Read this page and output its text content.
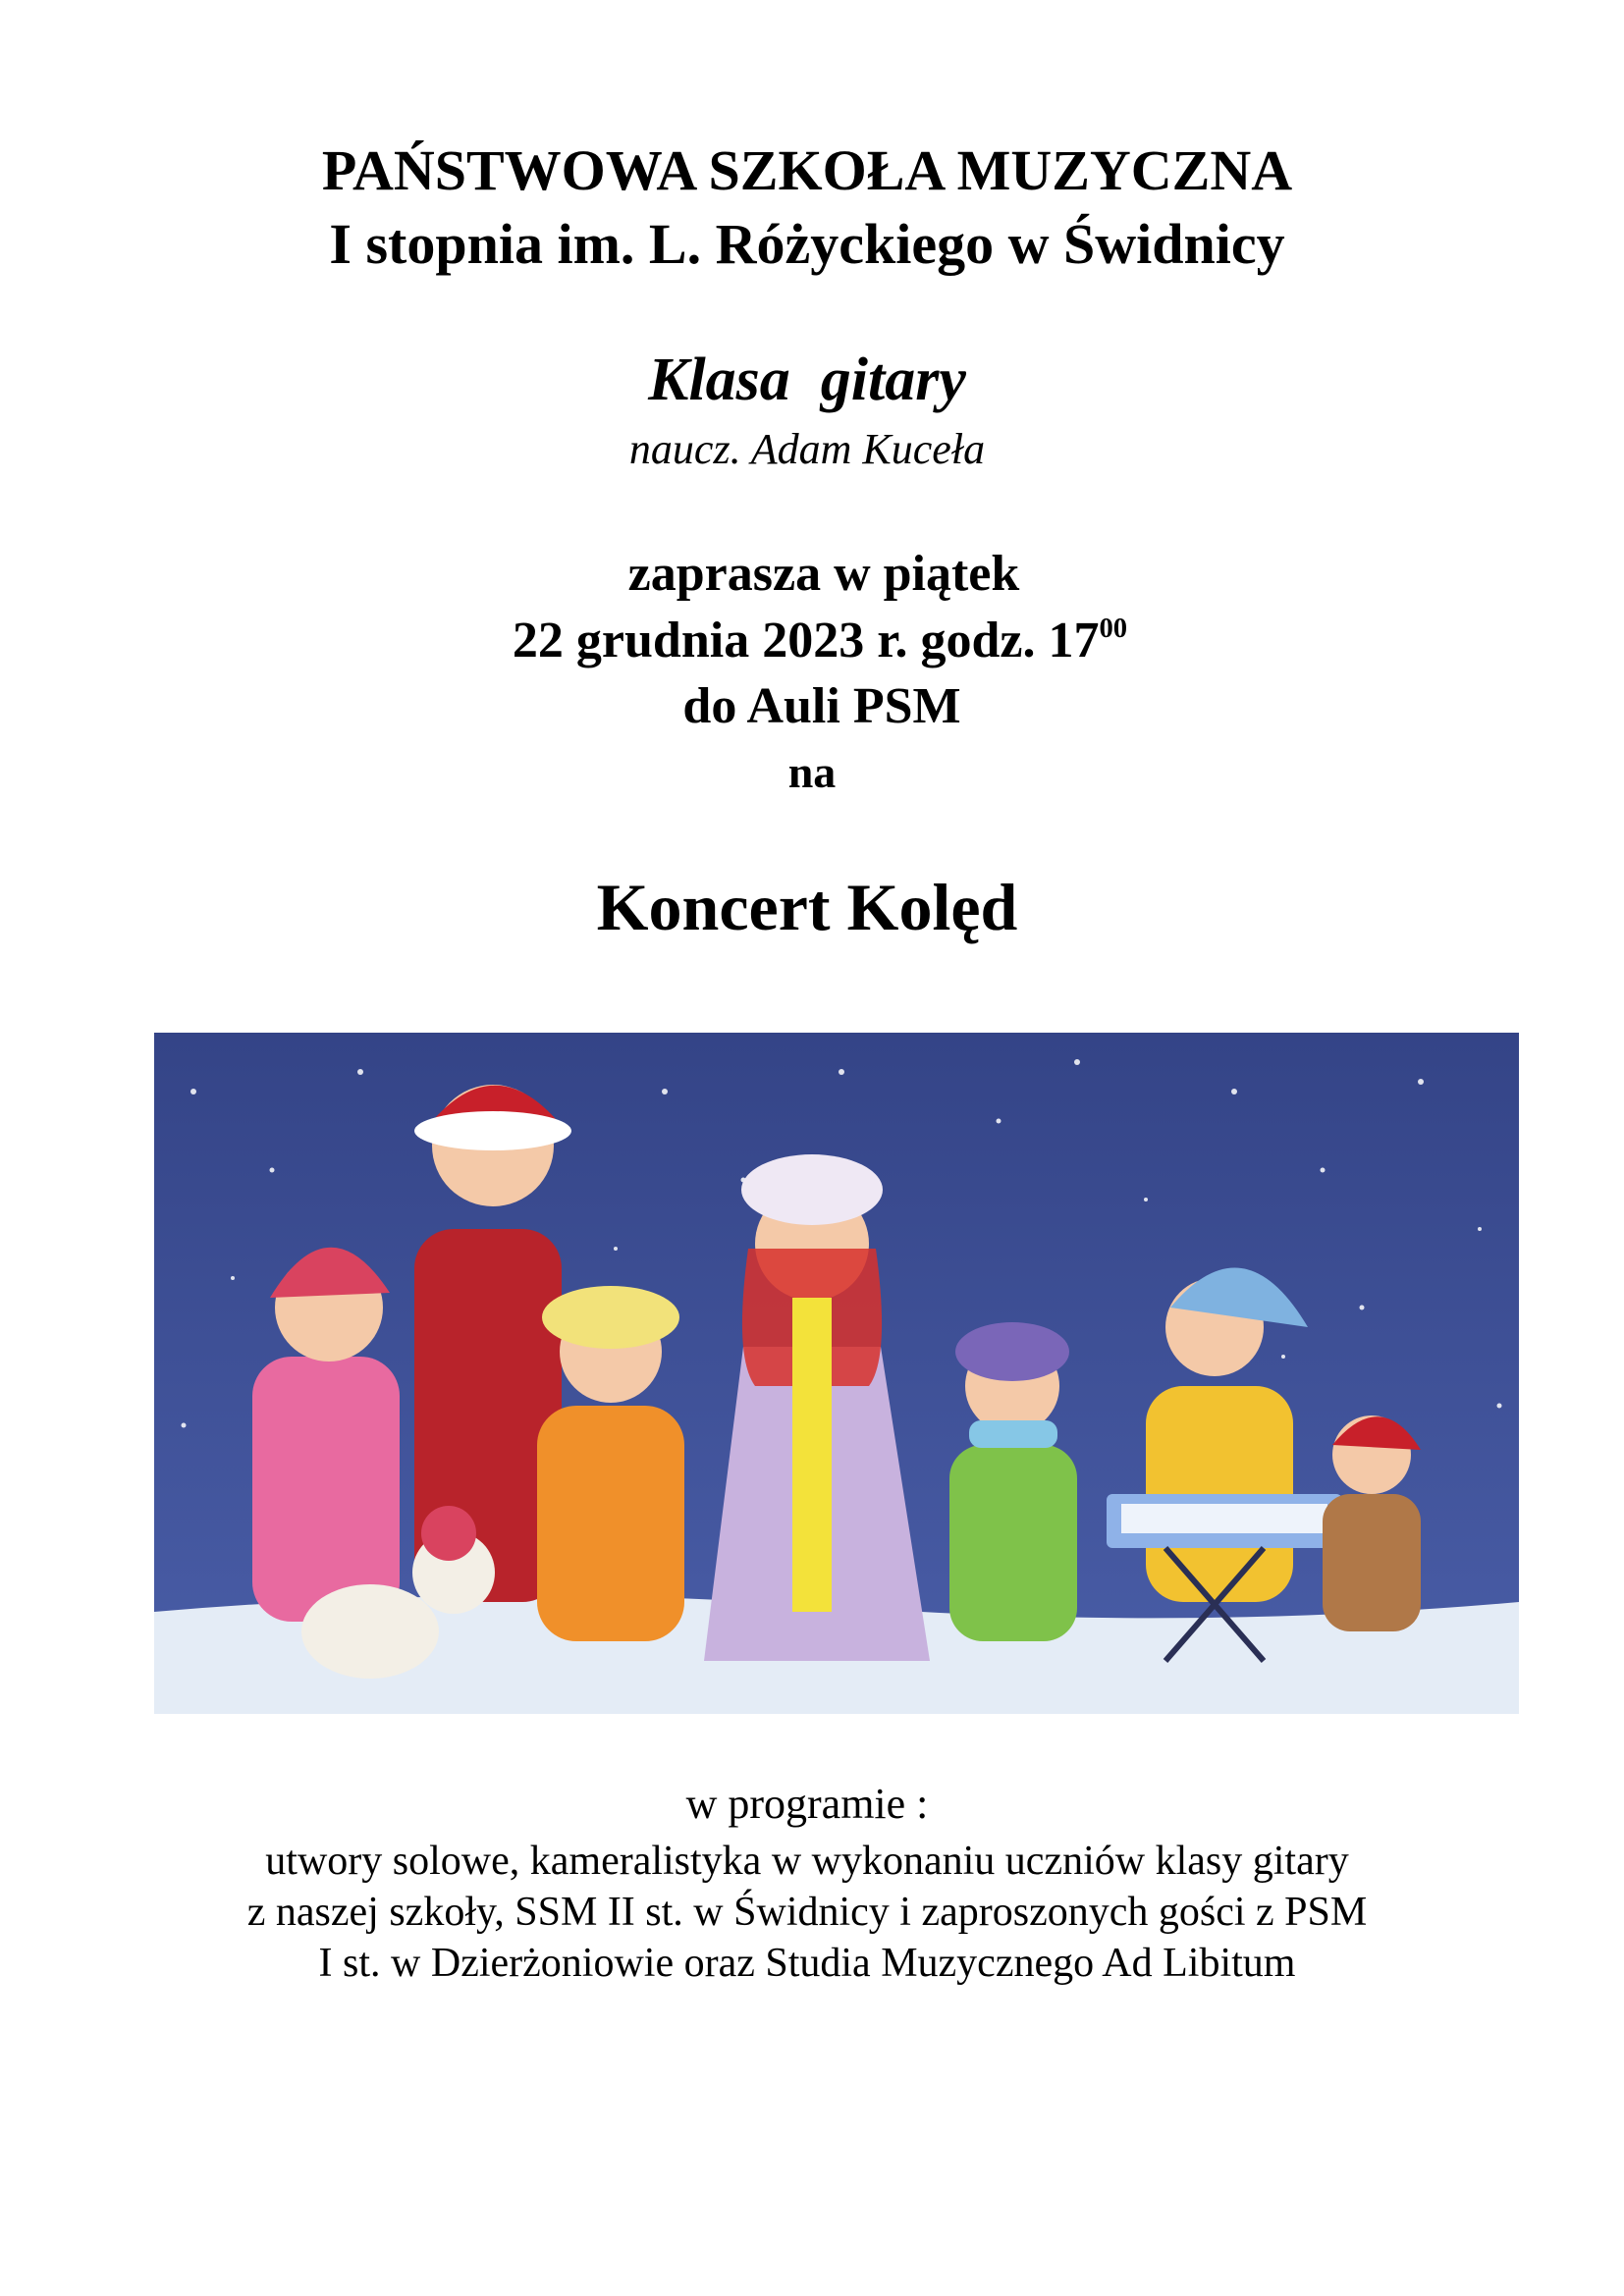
PAŃSTWOWA SZKOŁA MUZYCZNA
I stopnia im. L. Różyckiego w Świdnicy
Klasa  gitary
naucz. Adam Kuceła
zaprasza w piątek
22 grudnia 2023 r. godz. $17^{00}$
do Auli PSM
na
Koncert Kolęd
w programie :
utwory solowe, kameralistyka w wykonaniu uczniów klasy gitary
z naszej szkoły, SSM II st. w Świdnicy i zaproszonych gości z PSM
I st. w Dzierżoniowie oraz Studia Muzycznego Ad Libitum
